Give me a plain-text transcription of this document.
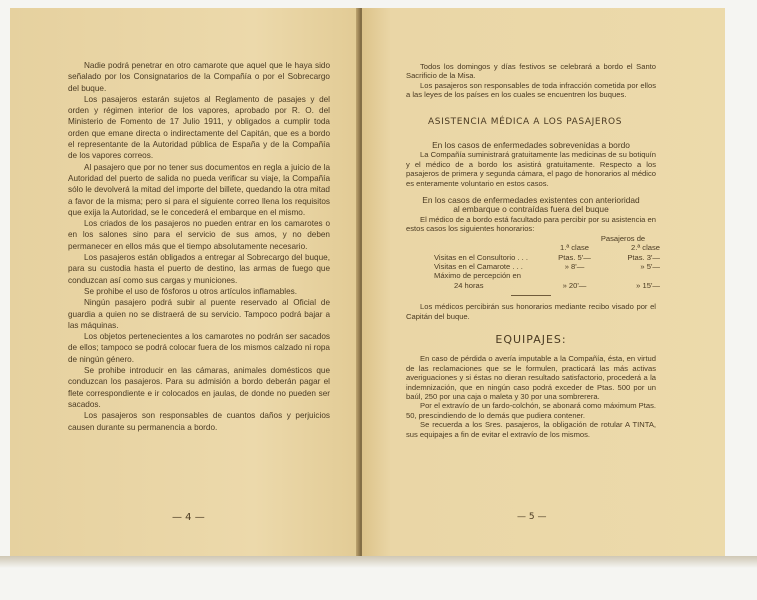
Nadie podrá penetrar en otro camarote que aquel que le haya sido señalado por los Consignatarios de la Compañía o por el Sobrecargo del buque.

Los pasajeros estarán sujetos al Reglamento de pasajes y del orden y régimen interior de los vapores, aprobado por R. O. del Ministerio de Fomento de 17 Julio 1911, y obligados a cumplir toda orden que emane directa o indirectamente del Capitán, que es a bordo el representante de la Autoridad pública de España y de la Compañía de los vapores correos.

Al pasajero que por no tener sus documentos en regla a juicio de la Autoridad del puerto de salida no pueda verificar su viaje, la Compañía sólo le devolverá la mitad del importe del billete, quedando la otra mitad a favor de la misma; pero si para el siguiente correo llena los requisitos que exija la Autoridad, se le concederá el embarque en el mismo.

Los criados de los pasajeros no pueden entrar en los camarotes o en los salones sino para el servicio de sus amos, y no deben permanecer en ellos más que el tiempo absolutamente necesario.

Los pasajeros están obligados a entregar al Sobrecargo del buque, para su custodia hasta el puerto de destino, las armas de fuego que conduzcan así como sus cargas y municiones.

Se prohibe el uso de fósforos u otros artículos inflamables.

Ningún pasajero podrá subir al puente reservado al Oficial de guardia a quien no se distraerá de su servicio. Tampoco podrá bajar a las máquinas.

Los objetos pertenecientes a los camarotes no podrán ser sacados de ellos; tampoco se podrá colocar fuera de los mismos calzado ni ropa de ningún género.

Se prohibe introducir en las cámaras, animales domésticos que conduzcan los pasajeros. Para su admisión a bordo deberán pagar el flete correspondiente e ir colocados en jaulas, de donde no pueden ser sacados.

Los pasajeros son responsables de cuantos daños y perjuicios causen durante su permanencia a bordo.

— 4 —

Todos los domingos y días festivos se celebrará a bordo el Santo Sacrificio de la Misa.

Los pasajeros son responsables de toda infracción cometida por ellos a las leyes de los países en los cuales se encuentren los buques.

ASISTENCIA MÉDICA A LOS PASAJEROS

En los casos de enfermedades sobrevenidas a bordo

La Compañía suministrará gratuitamente las medicinas de su botiquín y el médico de a bordo los asistirá gratuitamente. Respecto a los pasajeros de primera y segunda cámara, el pago de honorarios al médico es enteramente voluntario en estos casos.

En los casos de enfermedades existentes con anterioridad

al embarque o contraídas fuera del buque

El médico de a bordo está facultado para percibir por su asistencia en estos casos los siguientes honorarios:

	Pasajeros de	
	1.ª clase	2.ª clase
Visitas en el Consultorio . . .	Ptas. 5'—	Ptas. 3'—
Visitas en el Camarote . . .	» 8'—	» 5'—
Máximo de percepción en		
24 horas	» 20'—	» 15'—

Los médicos percibirán sus honorarios mediante recibo visado por el Capitán del buque.

EQUIPAJES:

En caso de pérdida o avería imputable a la Compañía, ésta, en virtud de las reclamaciones que se le formulen, practicará las más activas averiguaciones y si éstas no dieran resultado satisfactorio, procederá a la indemnización, que en ningún caso podrá exceder de Ptas. 500 por un baúl, 250 por una caja o maleta y 30 por una sombrerera.

Por el extravío de un fardo-colchón, se abonará como máximum Ptas. 50, prescindiendo de lo demás que pudiera contener.

Se recuerda a los Sres. pasajeros, la obligación de rotular A TINTA, sus equipajes a fin de evitar el extravío de los mismos.

— 5 —
